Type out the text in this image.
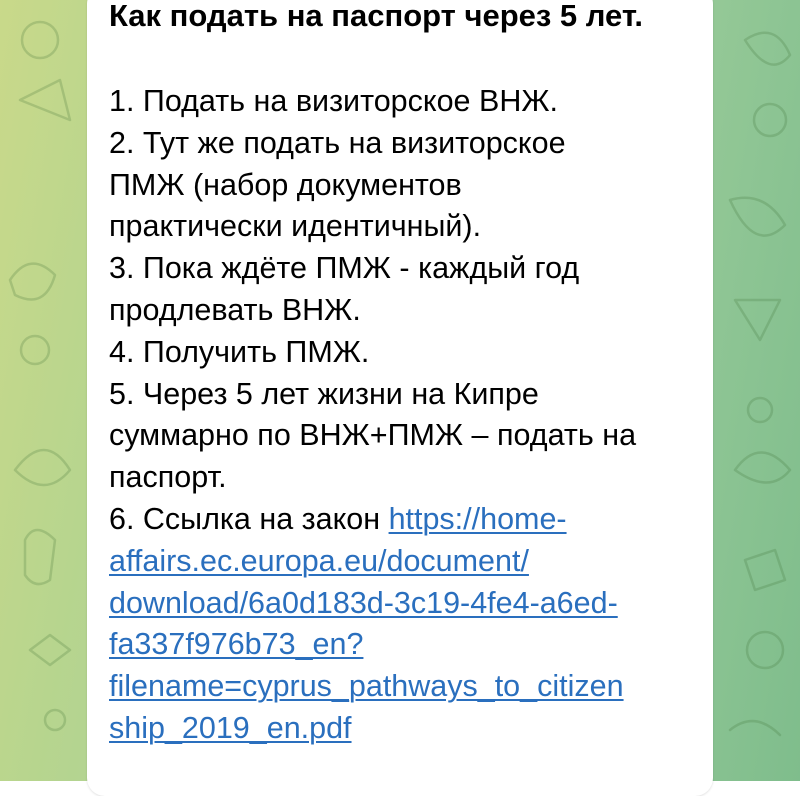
Как подать на паспорт через 5 лет.
1. Подать на визиторское ВНЖ.
2. Тут же подать на визиторское
ПМЖ (набор документов
практически идентичный).
3. Пока ждёте ПМЖ - каждый год
продлевать ВНЖ.
4. Получить ПМЖ.
5. Через 5 лет жизни на Кипре
суммарно по ВНЖ+ПМЖ – подать на
паспорт.
6. Ссылка на закон https://home-
affairs.ec.europa.eu/document/
download/6a0d183d-3c19-4fe4-a6ed-
fa337f976b73_en?
filename=cyprus_pathways_to_citizen
ship_2019_en.pdf
